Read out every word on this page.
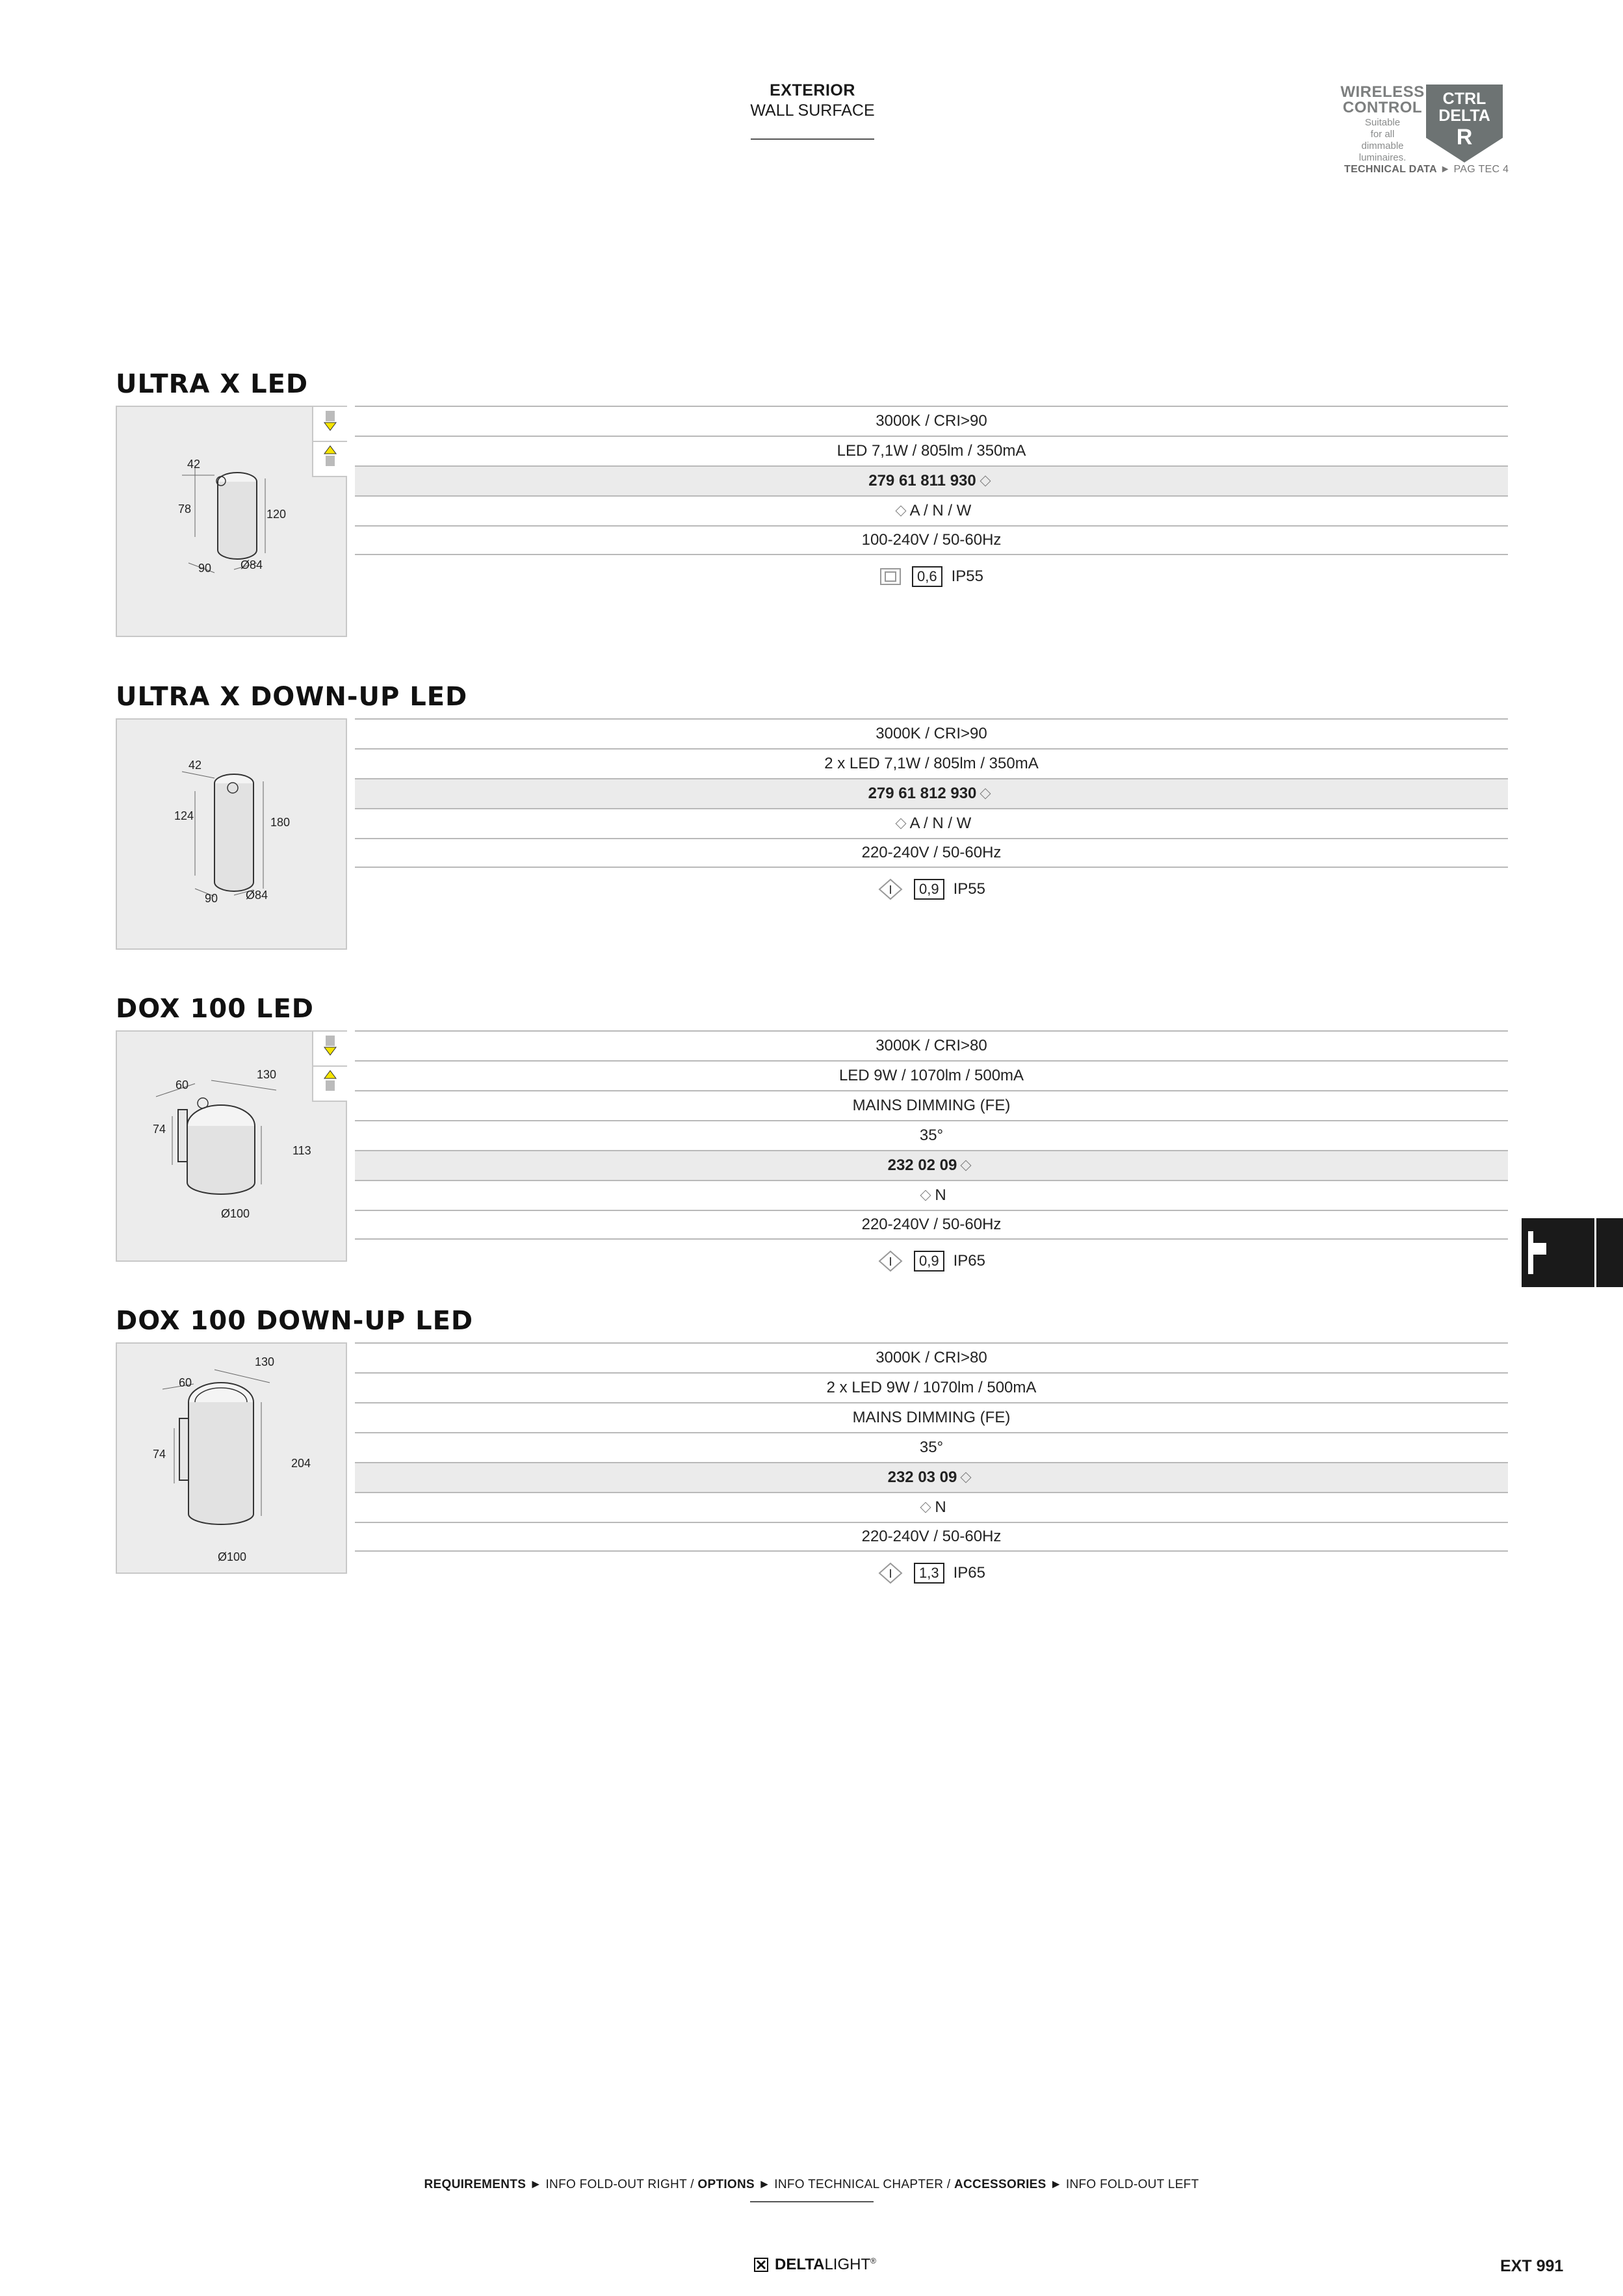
EXTERIOR
WALL SURFACE
WIRELESS
CONTROL
Suitable
for all
dimmable
luminaires.
CTRL
DELTA
R
TECHNICAL DATA ► PAG TEC 4
ULTRA X LED
42
78	120
90 Ø84
3000K / CRI>90
LED 7,1W / 805lm / 350mA
279 61 811 930
A / N / W
100-240V / 50-60Hz
0,6 IP55
ULTRA X DOWN-UP LED
42
124	180
90 Ø84
3000K / CRI>90
2 x LED 7,1W / 805lm / 350mA
279 61 812 930
A / N / W
220-240V / 50-60Hz
I	0,9 IP55
DOX 100 LED
60
130
74
113
Ø100
3000K / CRI>80
LED 9W / 1070lm / 500mA
MAINS DIMMING (FE)
35°
232 02 09
N
220-240V / 50-60Hz
I	0,9 IP65
DOX 100 DOWN-UP LED
60
130
74
204
Ø100
3000K / CRI>80
2 x LED 9W / 1070lm / 500mA
MAINS DIMMING (FE)
35°
232 03 09
N
220-240V / 50-60Hz
I	1,3 IP65
REQUIREMENTS ► INFO FOLD-OUT RIGHT / OPTIONS ► INFO TECHNICAL CHAPTER / ACCESSORIES ► INFO FOLD-OUT LEFT
DELTALIGHT®	EXT 991
